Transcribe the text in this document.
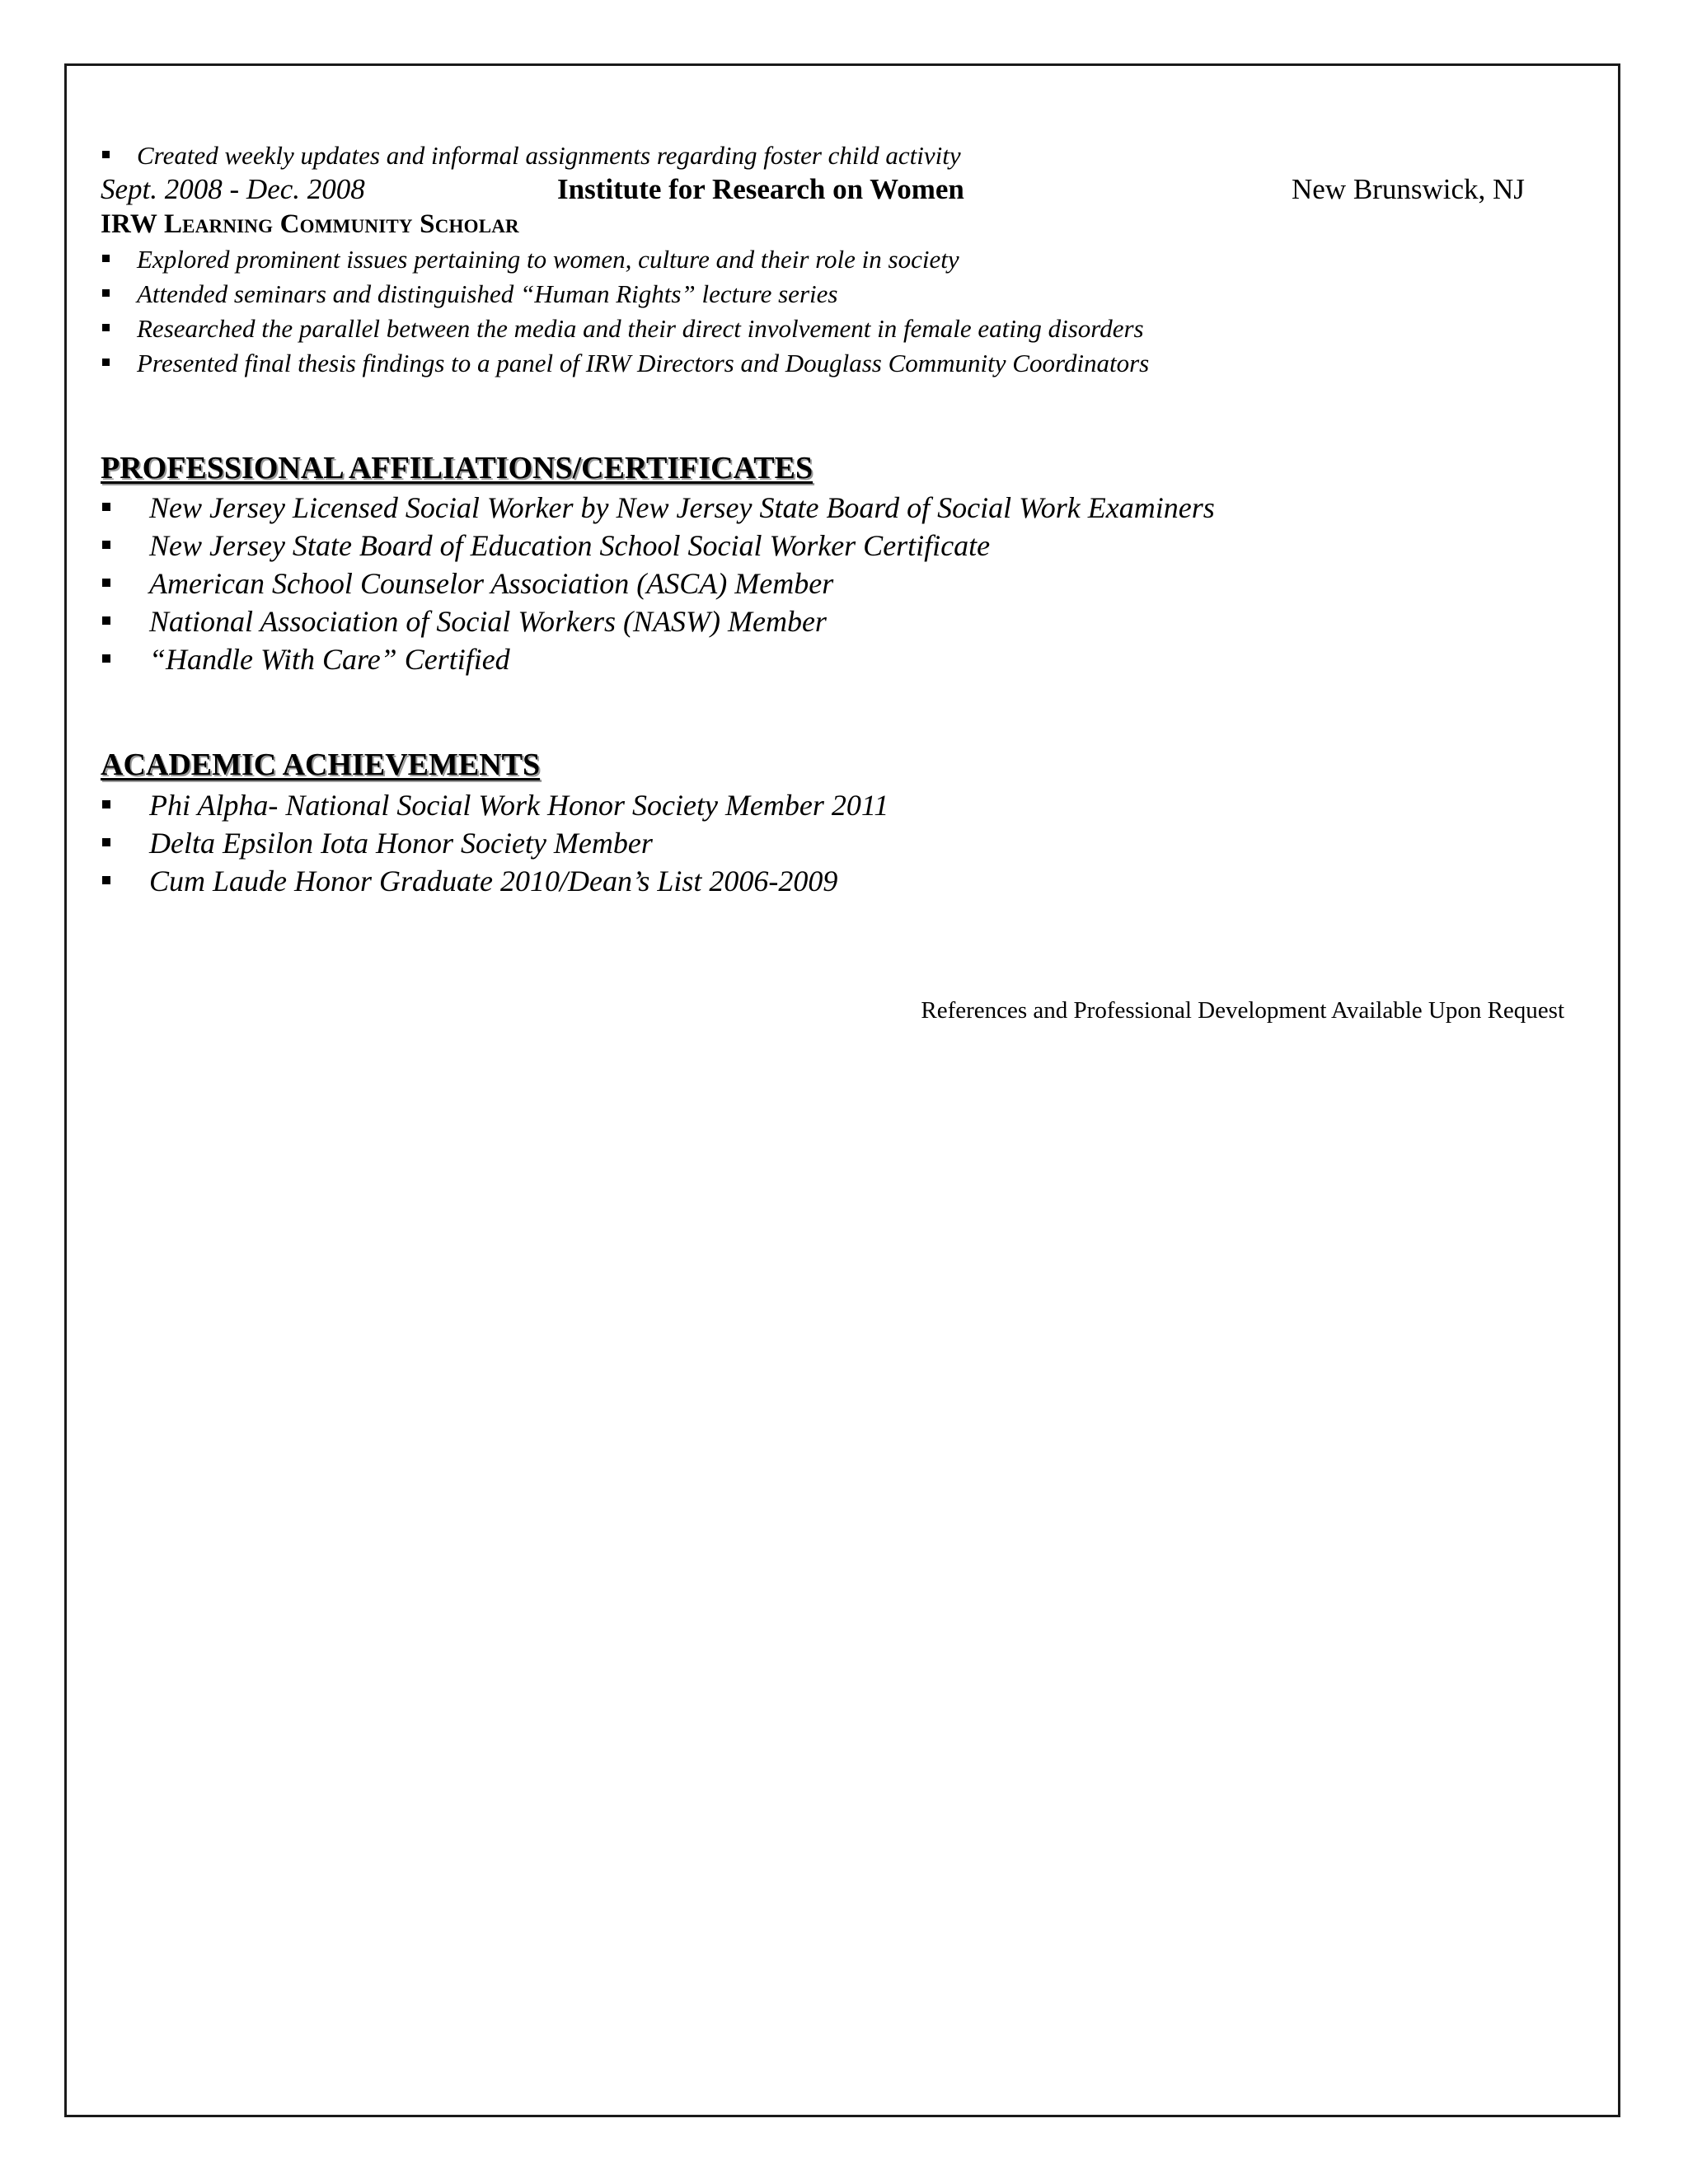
Created weekly updates and informal assignments regarding foster child activity
Sept. 2008 - Dec. 2008	Institute for Research on Women	New Brunswick, NJ
IRW Learning Community Scholar
Explored prominent issues pertaining to women, culture and their role in society
Attended seminars and distinguished “Human Rights” lecture series
Researched the parallel between the media and their direct involvement in female eating disorders
Presented final thesis findings to a panel of IRW Directors and Douglass Community Coordinators
PROFESSIONAL AFFILIATIONS/CERTIFICATES
New Jersey Licensed Social Worker by New Jersey State Board of Social Work Examiners
New Jersey State Board of Education School Social Worker Certificate
American School Counselor Association (ASCA) Member
National Association of Social Workers (NASW) Member
“Handle With Care” Certified
ACADEMIC ACHIEVEMENTS
Phi Alpha- National Social Work Honor Society Member 2011
Delta Epsilon Iota Honor Society Member
Cum Laude Honor Graduate 2010/Dean’s List 2006-2009
References and Professional Development Available Upon Request
